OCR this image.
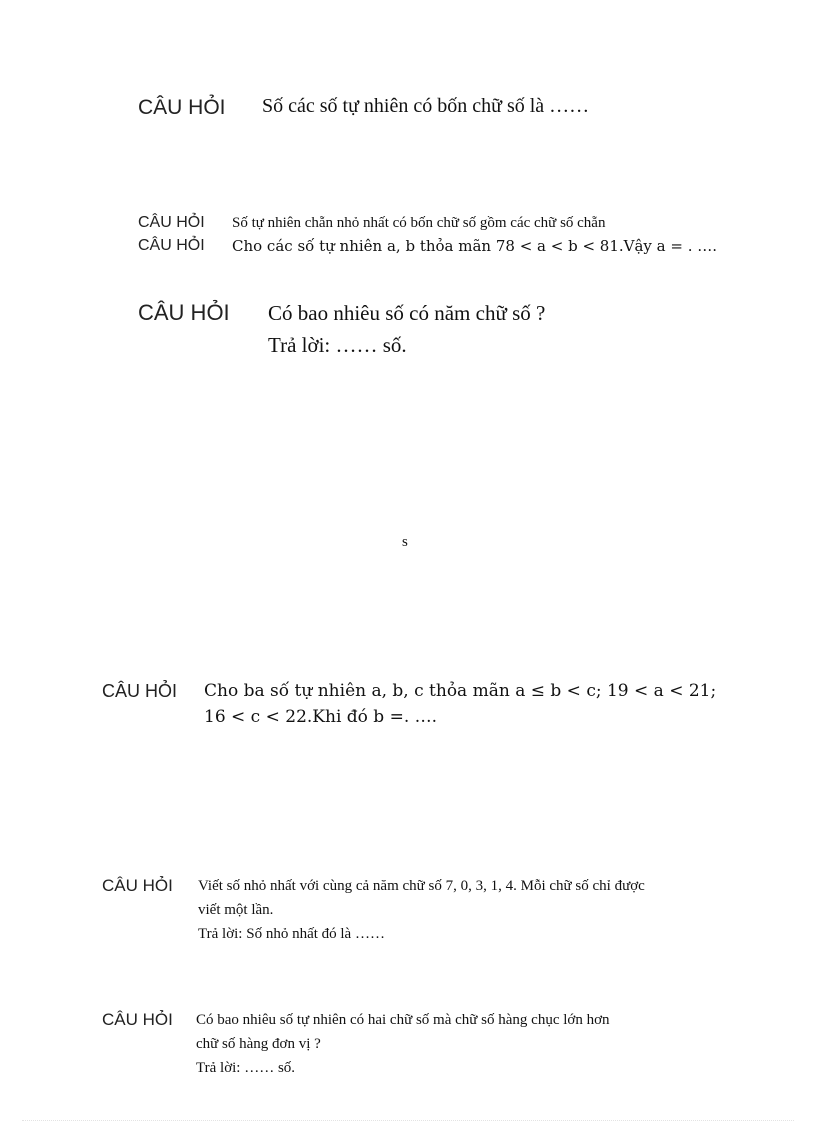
CÂU HỎI Số các số tự nhiên có bốn chữ số là ……
CÂU HỎI Số tự nhiên chẵn nhỏ nhất có bốn chữ số gồm các chữ số chẵn
CÂU HỎI Cho các số tự nhiên a, b thỏa mãn 78 < a < b < 81.Vậy a = . ….
CÂU HỎI Có bao nhiêu số có năm chữ số ?
Trả lời: …… số.
s
CÂU HỎI Cho ba số tự nhiên a, b, c thỏa mãn a ≤ b < c; 19 < a < 21;
16 < c < 22.Khi đó b =. ….
CÂU HỎI Viết số nhỏ nhất với cùng cả năm chữ số 7, 0, 3, 1, 4. Mỗi chữ số chỉ được
viết một lần.
Trả lời: Số nhỏ nhất đó là ……
CÂU HỎI Có bao nhiêu số tự nhiên có hai chữ số mà chữ số hàng chục lớn hơn
chữ số hàng đơn vị ?
Trả lời: …… số.
